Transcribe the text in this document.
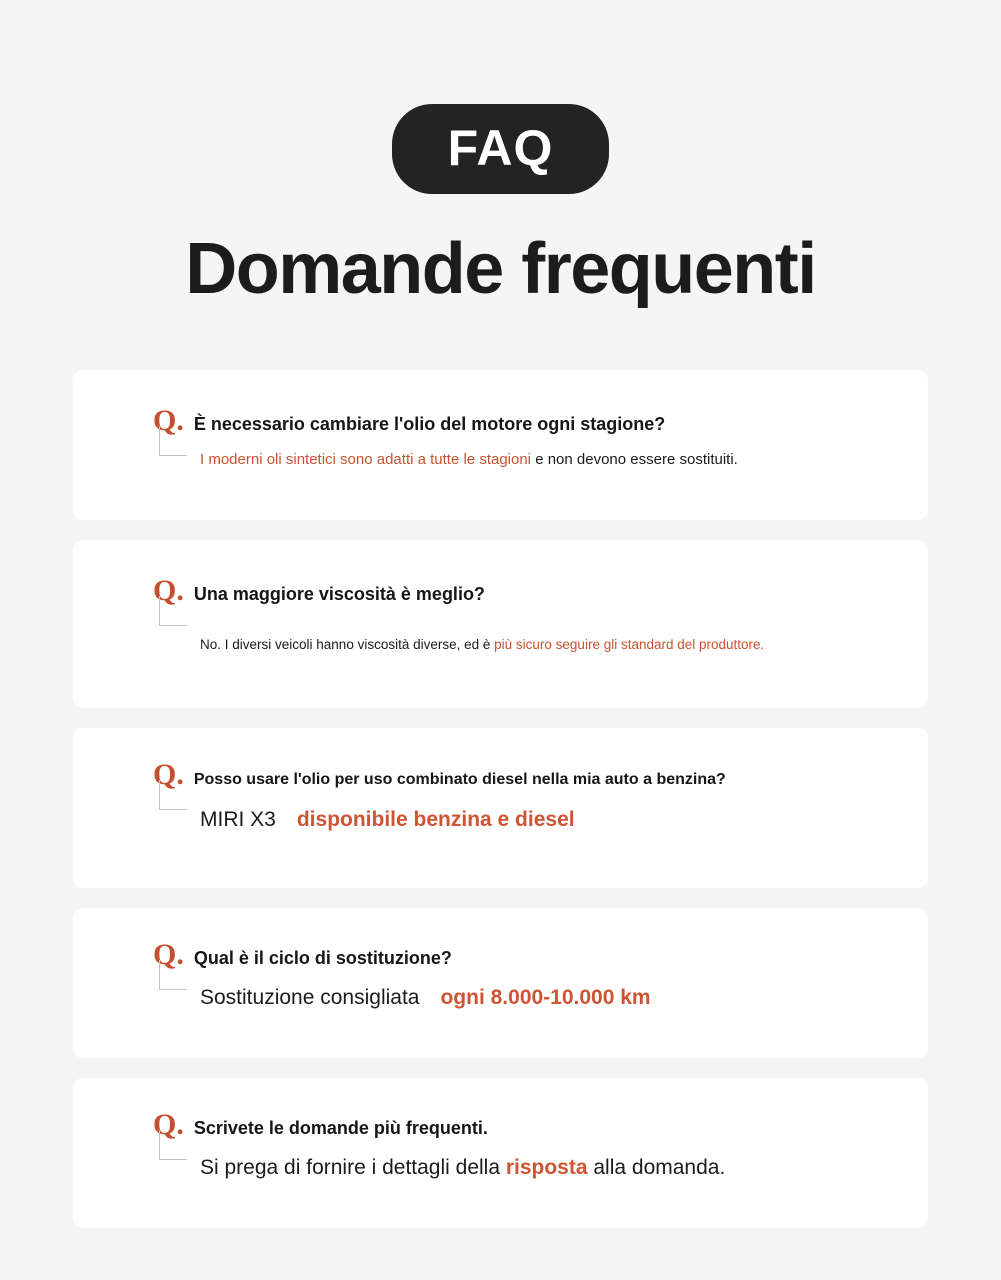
FAQ
Domande frequenti
Q. È necessario cambiare l'olio del motore ogni stagione?
I moderni oli sintetici sono adatti a tutte le stagioni e non devono essere sostituiti.
Q. Una maggiore viscosità è meglio?
No. I diversi veicoli hanno viscosità diverse, ed è più sicuro seguire gli standard del produttore.
Q. Posso usare l'olio per uso combinato diesel nella mia auto a benzina?
MIRI X3 disponibile benzina e diesel
Q. Qual è il ciclo di sostituzione?
Sostituzione consigliata ogni 8.000-10.000 km
Q. Scrivete le domande più frequenti.
Si prega di fornire i dettagli della risposta alla domanda.
